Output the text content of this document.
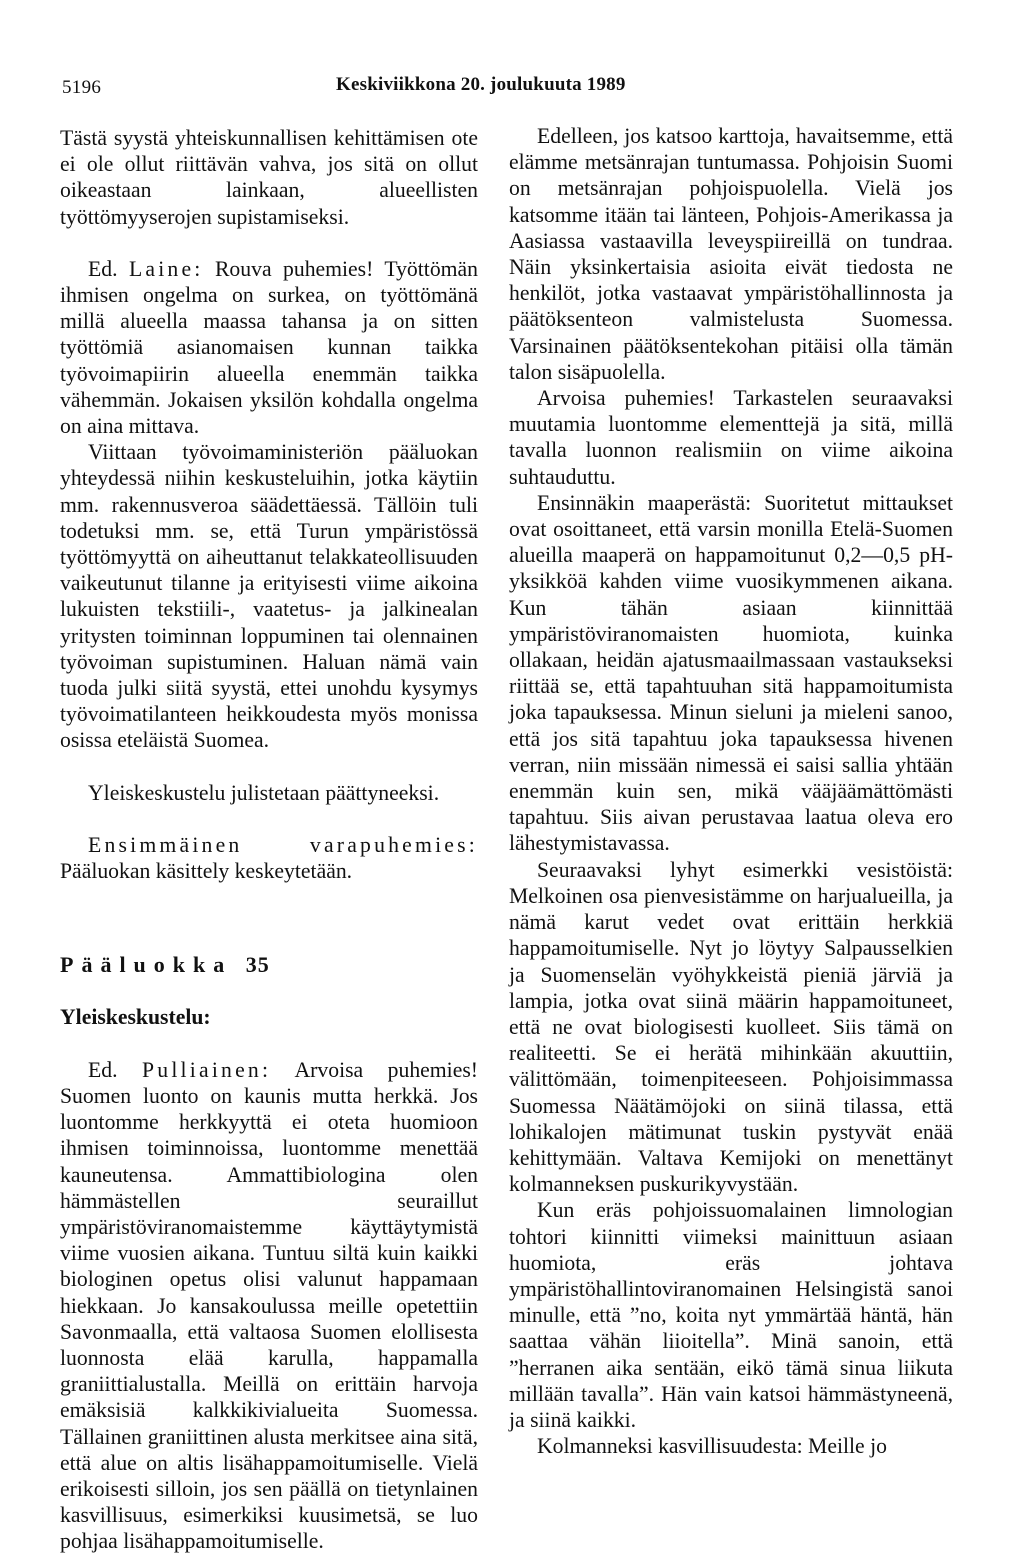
5196	Keskiviikkona 20. joulukuuta 1989

Tästä syystä yhteiskunnallisen kehittämisen ote ei ole ollut riittävän vahva, jos sitä on ollut oikeastaan lainkaan, alueellisten työttömyyserojen supistamiseksi.

Ed. Laine: Rouva puhemies! Työttömän ihmisen ongelma on surkea, on työttömänä millä alueella maassa tahansa ja on sitten työttömiä asianomaisen kunnan taikka työvoimapiirin alueella enemmän taikka vähemmän. Jokaisen yksilön kohdalla ongelma on aina mittava.

Viittaan työvoimaministeriön pääluokan yhteydessä niihin keskusteluihin, jotka käytiin mm. rakennusveroa säädettäessä. Tällöin tuli todetuksi mm. se, että Turun ympäristössä työttömyyttä on aiheuttanut telakkateollisuuden vaikeutunut tilanne ja erityisesti viime aikoina lukuisten tekstiili-, vaatetus- ja jalkinealan yritysten toiminnan loppuminen tai olennainen työvoiman supistuminen. Haluan nämä vain tuoda julki siitä syystä, ettei unohdu kysymys työvoimatilanteen heikkoudesta myös monissa osissa eteläistä Suomea.

Yleiskeskustelu julistetaan päättyneeksi.

Ensimmäinen varapuhemies: Pääluokan käsittely keskeytetään.

Pääluokka 35

Yleiskeskustelu:

Ed. Pulliainen: Arvoisa puhemies! Suomen luonto on kaunis mutta herkkä. Jos luontomme herkkyyttä ei oteta huomioon ihmisen toiminnoissa, luontomme menettää kauneutensa. Ammattibiologina olen hämmästellen seuraillut ympäristöviranomaistemme käyttäytymistä viime vuosien aikana. Tuntuu siltä kuin kaikki biologinen opetus olisi valunut happamaan hiekkaan. Jo kansakoulussa meille opetettiin Savonmaalla, että valtaosa Suomen elollisesta luonnosta elää karulla, happamalla graniittialustalla. Meillä on erittäin harvoja emäksisiä kalkkikivialueita Suomessa. Tällainen graniittinen alusta merkitsee aina sitä, että alue on altis lisähappamoitumiselle. Vielä erikoisesti silloin, jos sen päällä on tietynlainen kasvillisuus, esimerkiksi kuusimetsä, se luo pohjaa lisähappamoitumiselle.

Edelleen, jos katsoo karttoja, havaitsemme, että elämme metsänrajan tuntumassa. Pohjoisin Suomi on metsänrajan pohjoispuolella. Vielä jos katsomme itään tai länteen, Pohjois-Amerikassa ja Aasiassa vastaavilla leveyspiireillä on tundraa. Näin yksinkertaisia asioita eivät tiedosta ne henkilöt, jotka vastaavat ympäristöhallinnosta ja päätöksenteon valmistelusta Suomessa. Varsinainen päätöksentekohan pitäisi olla tämän talon sisäpuolella.

Arvoisa puhemies! Tarkastelen seuraavaksi muutamia luontomme elementtejä ja sitä, millä tavalla luonnon realismiin on viime aikoina suhtauduttu.

Ensinnäkin maaperästä: Suoritetut mittaukset ovat osoittaneet, että varsin monilla Etelä-Suomen alueilla maaperä on happamoitunut 0,2—0,5 pH-yksikköä kahden viime vuosikymmenen aikana. Kun tähän asiaan kiinnittää ympäristöviranomaisten huomiota, kuinka ollakaan, heidän ajatusmaailmassaan vastaukseksi riittää se, että tapahtuuhan sitä happamoitumista joka tapauksessa. Minun sieluni ja mieleni sanoo, että jos sitä tapahtuu joka tapauksessa hivenen verran, niin missään nimessä ei saisi sallia yhtään enemmän kuin sen, mikä vääjäämättömästi tapahtuu. Siis aivan perustavaa laatua oleva ero lähestymistavassa.

Seuraavaksi lyhyt esimerkki vesistöistä: Melkoinen osa pienvesistämme on harjualueilla, ja nämä karut vedet ovat erittäin herkkiä happamoitumiselle. Nyt jo löytyy Salpausselkien ja Suomenselän vyöhykkeistä pieniä järviä ja lampia, jotka ovat siinä määrin happamoituneet, että ne ovat biologisesti kuolleet. Siis tämä on realiteetti. Se ei herätä mihinkään akuuttiin, välittömään, toimenpiteeseen. Pohjoisimmassa Suomessa Näätämöjoki on siinä tilassa, että lohikalojen mätimunat tuskin pystyvät enää kehittymään. Valtava Kemijoki on menettänyt kolmanneksen puskurikyvystään.

Kun eräs pohjoissuomalainen limnologian tohtori kiinnitti viimeksi mainittuun asiaan huomiota, eräs johtava ympäristöhallintoviranomainen Helsingistä sanoi minulle, että ”no, koita nyt ymmärtää häntä, hän saattaa vähän liioitella”. Minä sanoin, että ”herranen aika sentään, eikö tämä sinua liikuta millään tavalla”. Hän vain katsoi hämmästyneenä, ja siinä kaikki.

Kolmanneksi kasvillisuudesta: Meille jo
